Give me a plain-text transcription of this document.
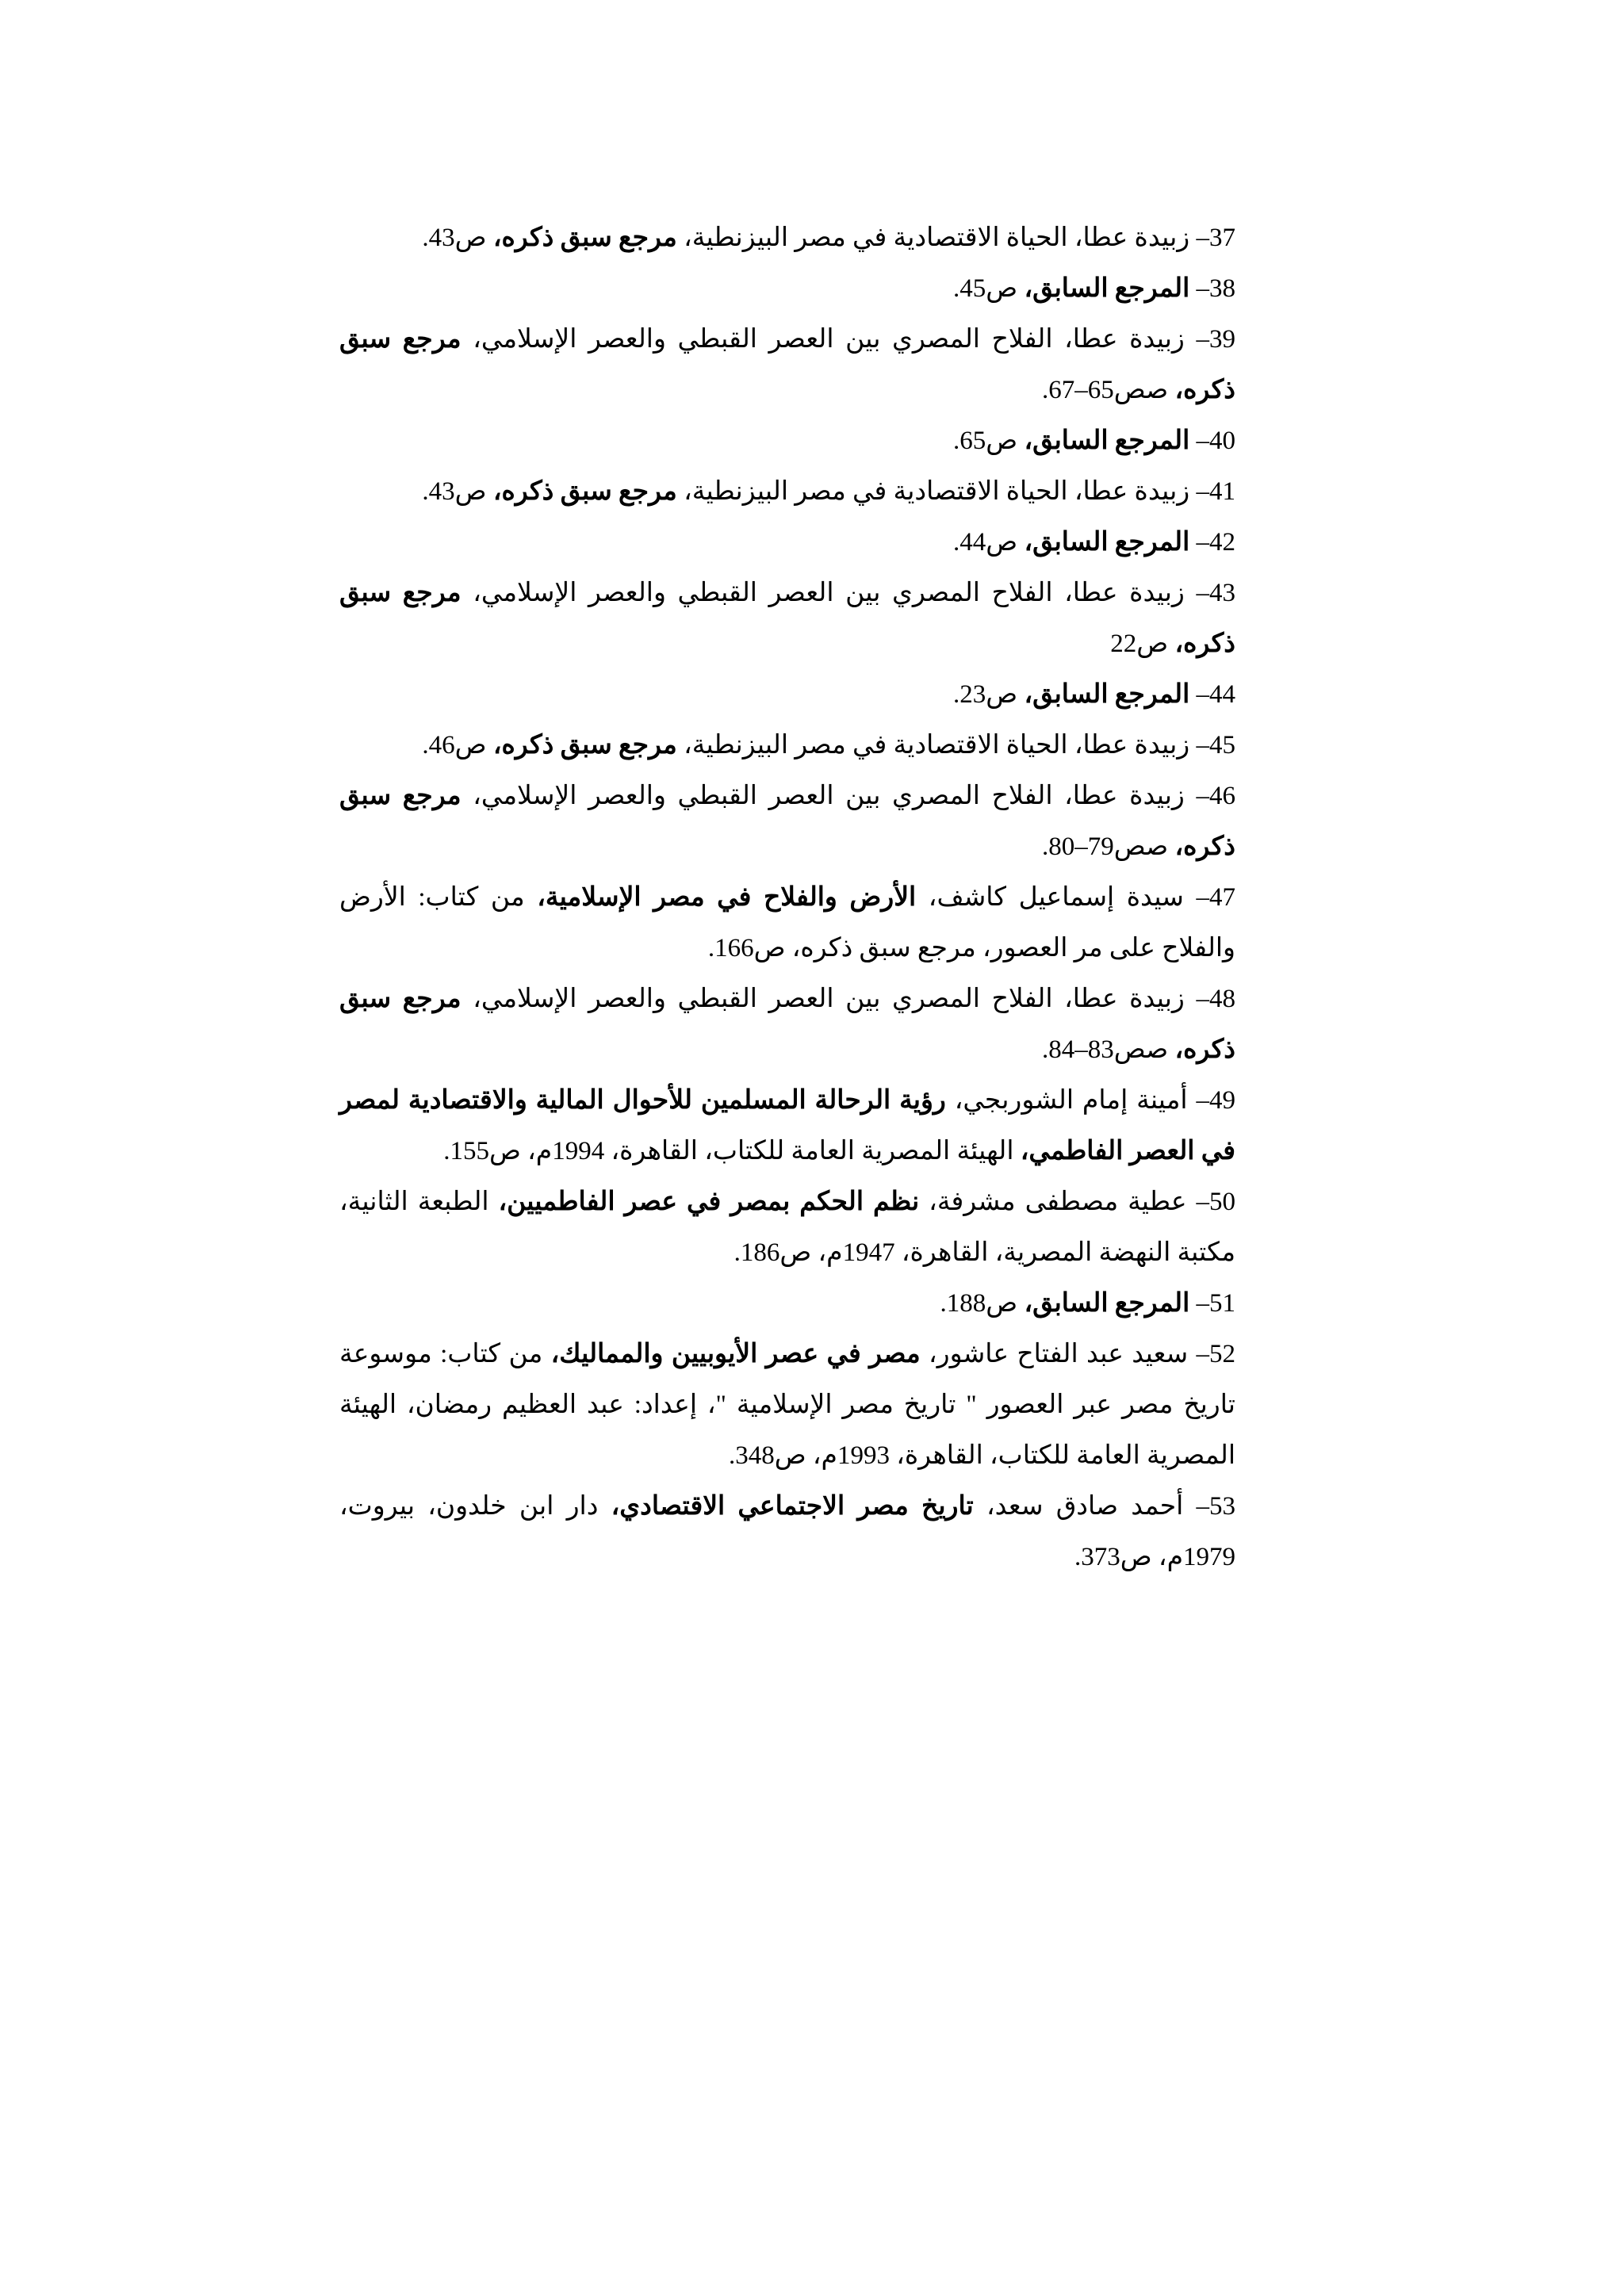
37– زبيدة عطا، الحياة الاقتصادية في مصر البيزنطية، مرجع سبق ذكره، ص43.

38– المرجع السابق، ص45.

39– زبيدة عطا، الفلاح المصري بين العصر القبطي والعصر الإسلامي، مرجع سبق ذكره، صص65–67.

40– المرجع السابق، ص65.

41– زبيدة عطا، الحياة الاقتصادية في مصر البيزنطية، مرجع سبق ذكره، ص43.

42– المرجع السابق، ص44.

43– زبيدة عطا، الفلاح المصري بين العصر القبطي والعصر الإسلامي، مرجع سبق ذكره، ص22

44– المرجع السابق، ص23.

45– زبيدة عطا، الحياة الاقتصادية في مصر البيزنطية، مرجع سبق ذكره، ص46.

46– زبيدة عطا، الفلاح المصري بين العصر القبطي والعصر الإسلامي، مرجع سبق ذكره، صص79–80.

47– سيدة إسماعيل كاشف، الأرض والفلاح في مصر الإسلامية، من كتاب: الأرض والفلاح على مر العصور، مرجع سبق ذكره، ص166.

48– زبيدة عطا، الفلاح المصري بين العصر القبطي والعصر الإسلامي، مرجع سبق ذكره، صص83–84.

49– أمينة إمام الشوربجي، رؤية الرحالة المسلمين للأحوال المالية والاقتصادية لمصر في العصر الفاطمي، الهيئة المصرية العامة للكتاب، القاهرة، 1994م، ص155.

50– عطية مصطفى مشرفة، نظم الحكم بمصر في عصر الفاطميين، الطبعة الثانية، مكتبة النهضة المصرية، القاهرة، 1947م، ص186.

51– المرجع السابق، ص188.

52– سعيد عبد الفتاح عاشور، مصر في عصر الأيوبيين والمماليك، من كتاب: موسوعة تاريخ مصر عبر العصور " تاريخ مصر الإسلامية "، إعداد: عبد العظيم رمضان، الهيئة المصرية العامة للكتاب، القاهرة، 1993م، ص348.

53– أحمد صادق سعد، تاريخ مصر الاجتماعي الاقتصادي، دار ابن خلدون، بيروت، 1979م، ص373.
